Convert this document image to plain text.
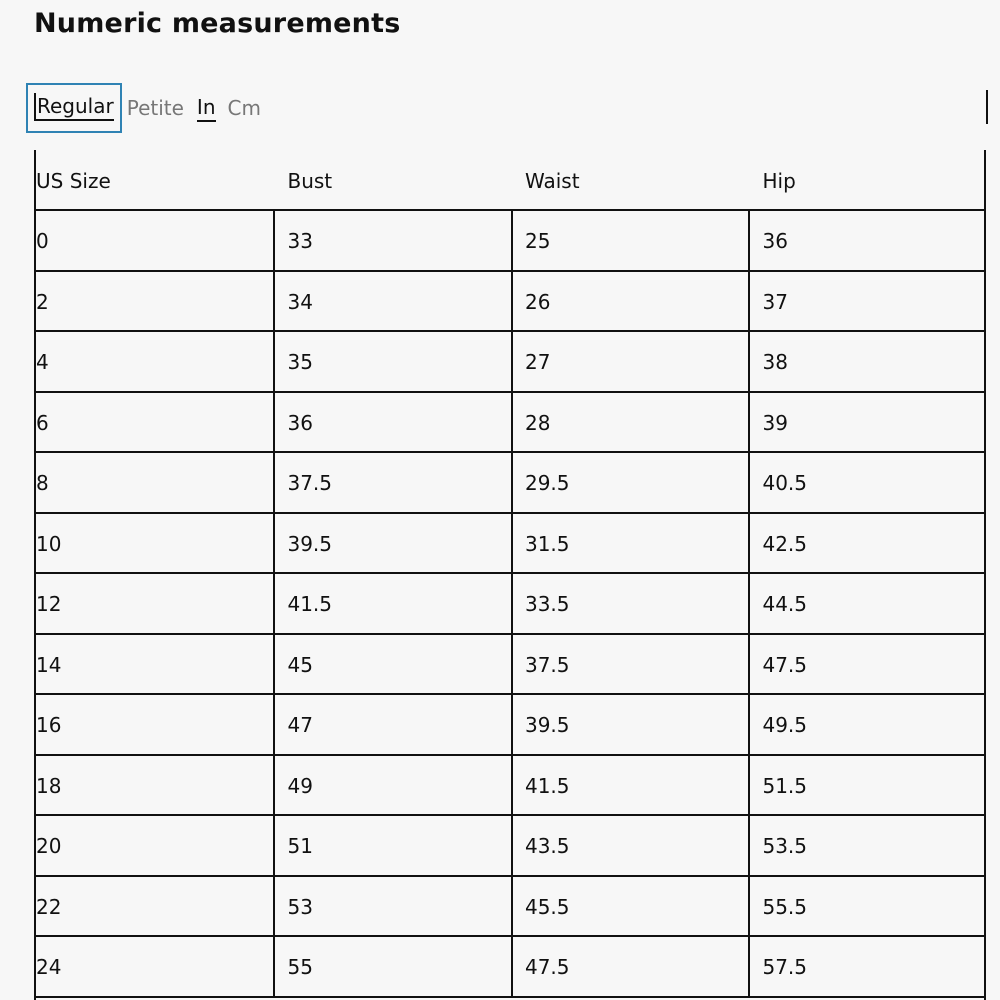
Numeric measurements
Regular Petite In Cm
US Size	Bust	Waist	Hip
0	33	25	36
2	34	26	37
4	35	27	38
6	36	28	39
8	37.5	29.5	40.5
10	39.5	31.5	42.5
12	41.5	33.5	44.5
14	45	37.5	47.5
16	47	39.5	49.5
18	49	41.5	51.5
20	51	43.5	53.5
22	53	45.5	55.5
24	55	47.5	57.5
